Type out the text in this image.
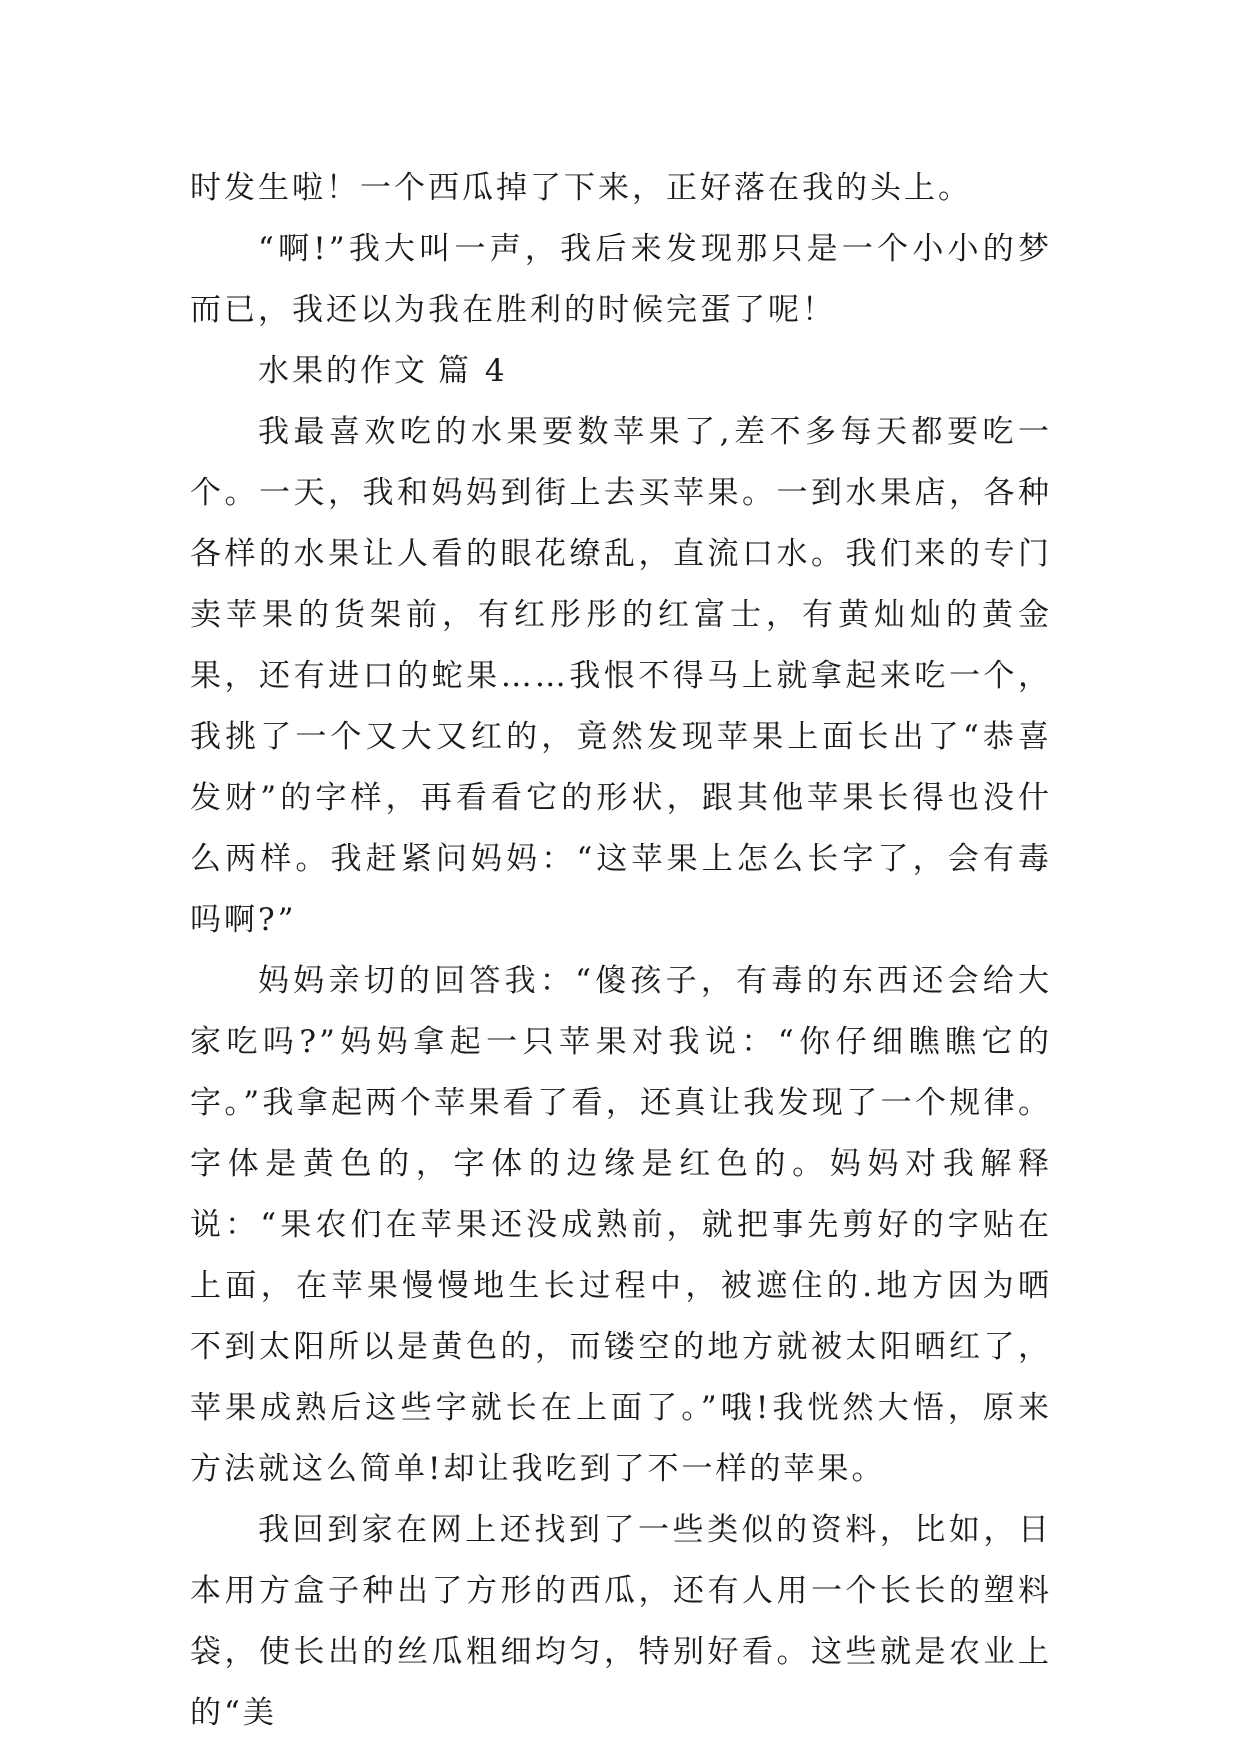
时发生啦！一个西瓜掉了下来，正好落在我的头上。

“啊!”我大叫一声，我后来发现那只是一个小小的梦而已，我还以为我在胜利的时候完蛋了呢！

水果的作文 篇 4

我最喜欢吃的水果要数苹果了,差不多每天都要吃一个。一天，我和妈妈到街上去买苹果。一到水果店，各种各样的水果让人看的眼花缭乱，直流口水。我们来的专门卖苹果的货架前，有红彤彤的红富士，有黄灿灿的黄金果，还有进口的蛇果……我恨不得马上就拿起来吃一个，我挑了一个又大又红的，竟然发现苹果上面长出了“恭喜发财”的字样，再看看它的形状，跟其他苹果长得也没什么两样。我赶紧问妈妈：“这苹果上怎么长字了，会有毒吗啊?”

妈妈亲切的回答我：“傻孩子，有毒的东西还会给大家吃吗?”妈妈拿起一只苹果对我说：“你仔细瞧瞧它的字。”我拿起两个苹果看了看，还真让我发现了一个规律。字体是黄色的，字体的边缘是红色的。妈妈对我解释说：“果农们在苹果还没成熟前，就把事先剪好的字贴在上面，在苹果慢慢地生长过程中，被遮住的.地方因为晒不到太阳所以是黄色的，而镂空的地方就被太阳晒红了，苹果成熟后这些字就长在上面了。”哦!我恍然大悟，原来方法就这么简单!却让我吃到了不一样的苹果。

我回到家在网上还找到了一些类似的资料，比如，日本用方盒子种出了方形的西瓜，还有人用一个长长的塑料袋，使长出的丝瓜粗细均匀，特别好看。这些就是农业上的“美
